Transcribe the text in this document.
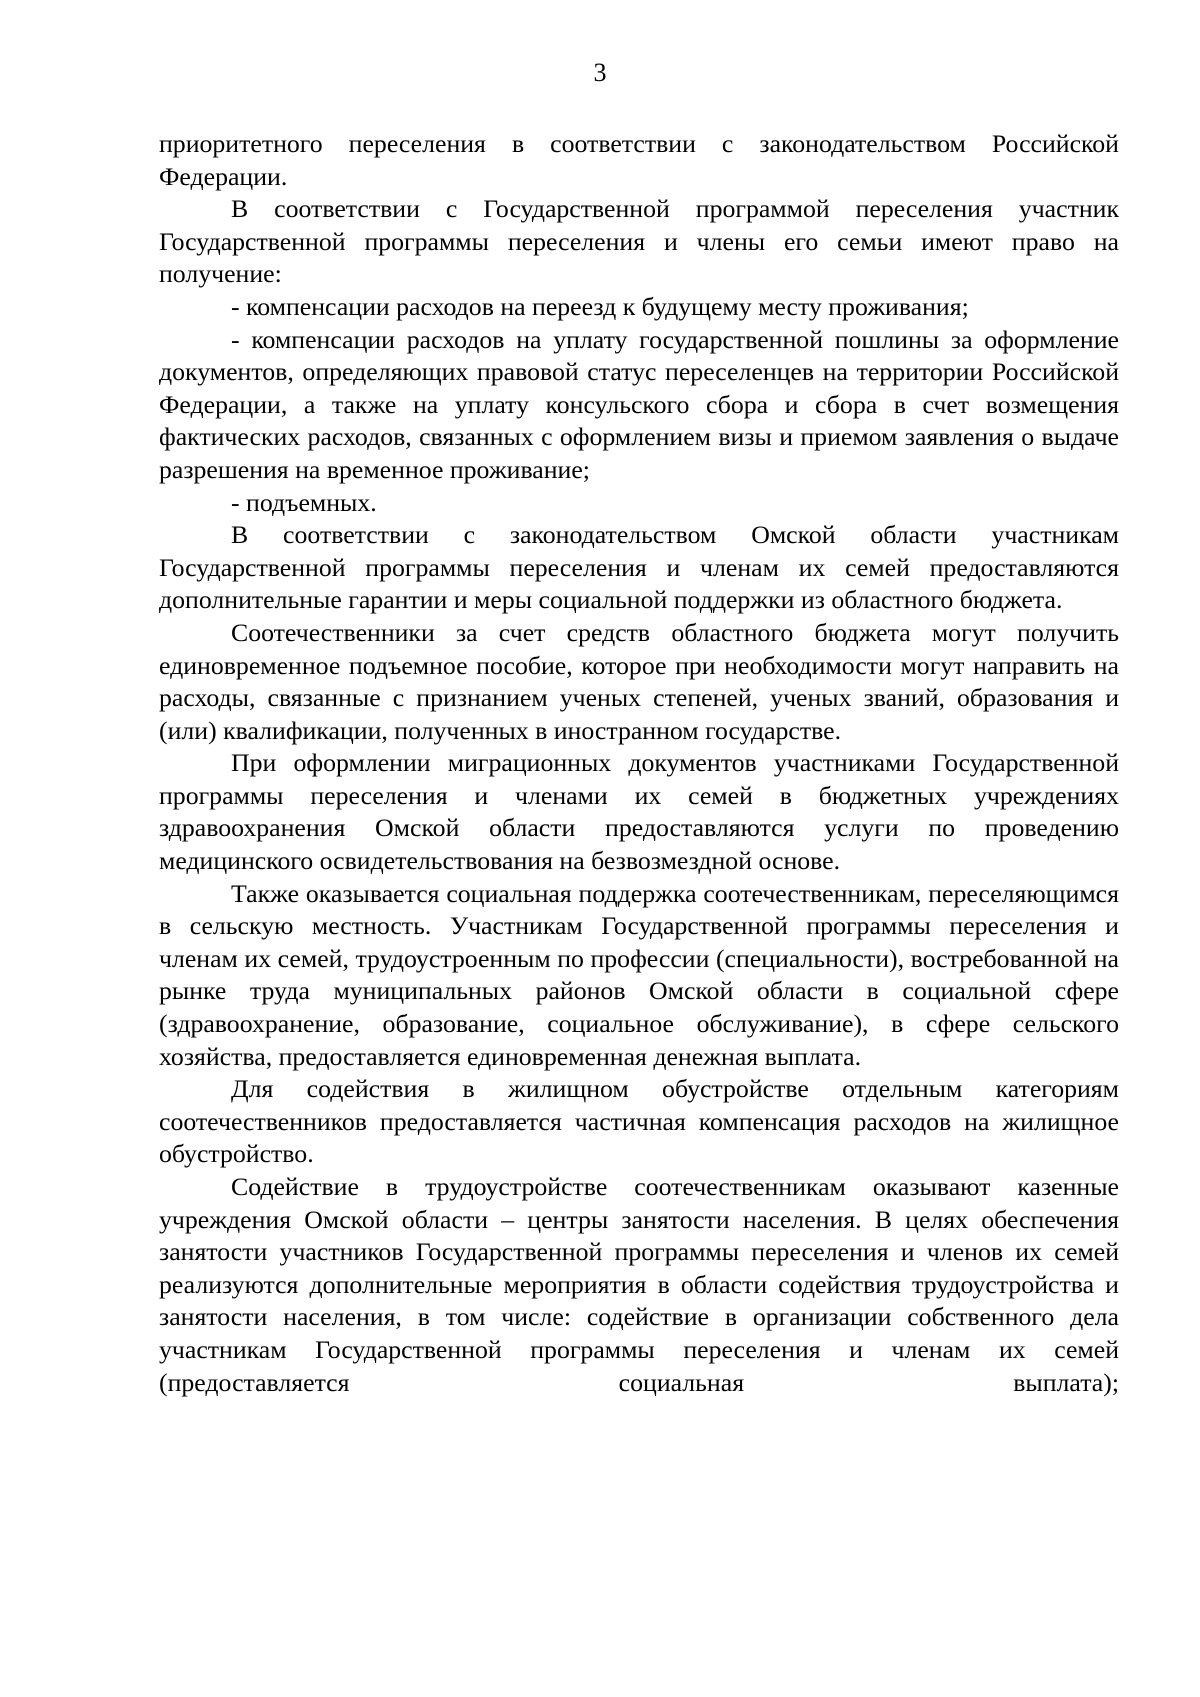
3

приоритетного переселения в соответствии с законодательством Российской Федерации.

В соответствии с Государственной программой переселения участник Государственной программы переселения и члены его семьи имеют право на получение:

- компенсации расходов на переезд к будущему месту проживания;

- компенсации расходов на уплату государственной пошлины за оформление документов, определяющих правовой статус переселенцев на территории Российской Федерации, а также на уплату консульского сбора и сбора в счет возмещения фактических расходов, связанных с оформлением визы и приемом заявления о выдаче разрешения на временное проживание;

- подъемных.

В соответствии с законодательством Омской области участникам Государственной программы переселения и членам их семей предоставляются дополнительные гарантии и меры социальной поддержки из областного бюджета.

Соотечественники за счет средств областного бюджета могут получить единовременное подъемное пособие, которое при необходимости могут направить на расходы, связанные с признанием ученых степеней, ученых званий, образования и (или) квалификации, полученных в иностранном государстве.

При оформлении миграционных документов участниками Государственной программы переселения и членами их семей в бюджетных учреждениях здравоохранения Омской области предоставляются услуги по проведению медицинского освидетельствования на безвозмездной основе.

Также оказывается социальная поддержка соотечественникам, переселяющимся в сельскую местность. Участникам Государственной программы переселения и членам их семей, трудоустроенным по профессии (специальности), востребованной на рынке труда муниципальных районов Омской области в социальной сфере (здравоохранение, образование, социальное обслуживание), в сфере сельского хозяйства, предоставляется единовременная денежная выплата.

Для содействия в жилищном обустройстве отдельным категориям соотечественников предоставляется частичная компенсация расходов на жилищное обустройство.

Содействие в трудоустройстве соотечественникам оказывают казенные учреждения Омской области – центры занятости населения. В целях обеспечения занятости участников Государственной программы переселения и членов их семей реализуются дополнительные мероприятия в области содействия трудоустройства и занятости населения, в том числе: содействие в организации собственного дела участникам Государственной программы переселения и членам их семей (предоставляется социальная выплата);
